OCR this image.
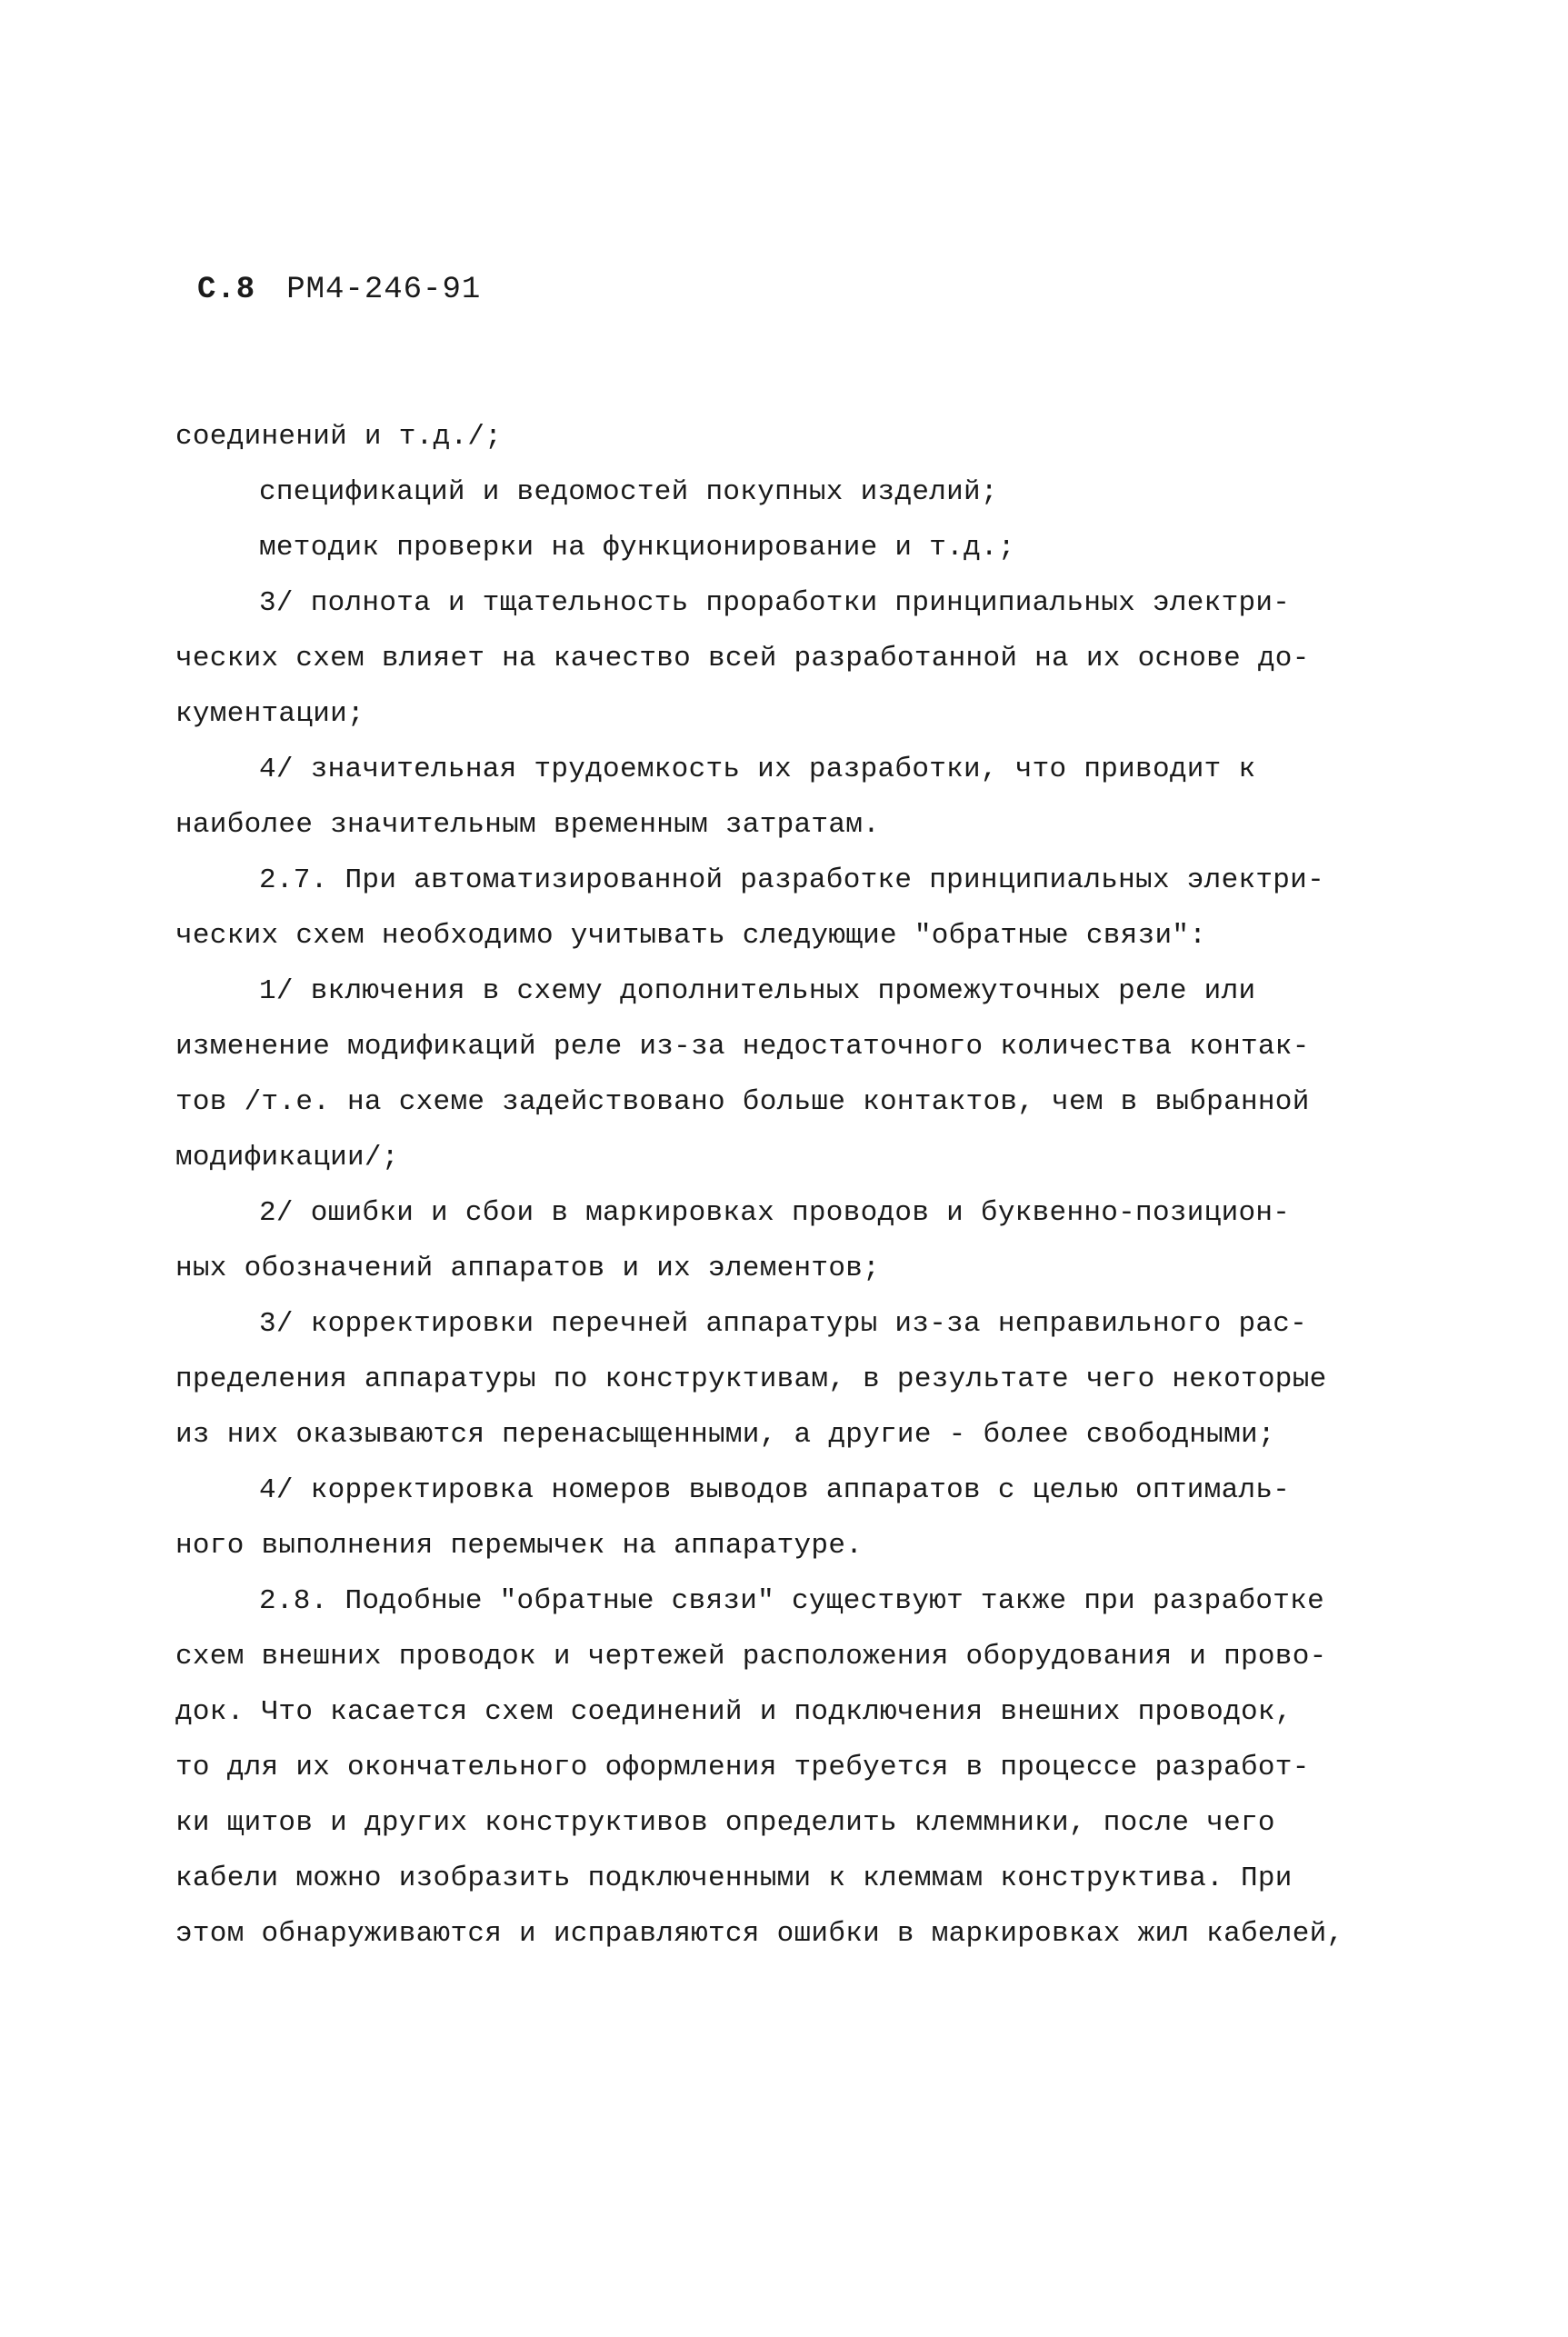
С.8 РМ4-246-91
соединений и т.д./;
спецификаций и ведомостей покупных изделий;
методик проверки на функционирование и т.д.;
3/ полнота и тщательность проработки принципиальных электри-
ческих схем влияет на качество всей разработанной на их основе до-
кументации;
4/ значительная трудоемкость их разработки, что приводит к
наиболее значительным временным затратам.
2.7. При автоматизированной разработке принципиальных электри-
ческих схем необходимо учитывать следующие "обратные связи":
1/ включения в схему дополнительных промежуточных реле или
изменение модификаций реле из-за недостаточного количества контак-
тов /т.е. на схеме задействовано больше контактов, чем в выбранной
модификации/;
2/ ошибки и сбои в маркировках проводов и буквенно-позицион-
ных обозначений аппаратов и их элементов;
3/ корректировки перечней аппаратуры из-за неправильного рас-
пределения аппаратуры по конструктивам, в результате чего некоторые
из них оказываются перенасыщенными, а другие - более свободными;
4/ корректировка номеров выводов аппаратов с целью оптималь-
ного выполнения перемычек на аппаратуре.
2.8. Подобные "обратные связи" существуют также при разработке
схем внешних проводок и чертежей расположения оборудования и прово-
док. Что касается схем соединений и подключения внешних проводок,
то для их окончательного оформления требуется в процессе разработ-
ки щитов и других конструктивов определить клеммники, после чего
кабели можно изобразить подключенными к клеммам конструктива. При
этом обнаруживаются и исправляются ошибки в маркировках жил кабелей,
